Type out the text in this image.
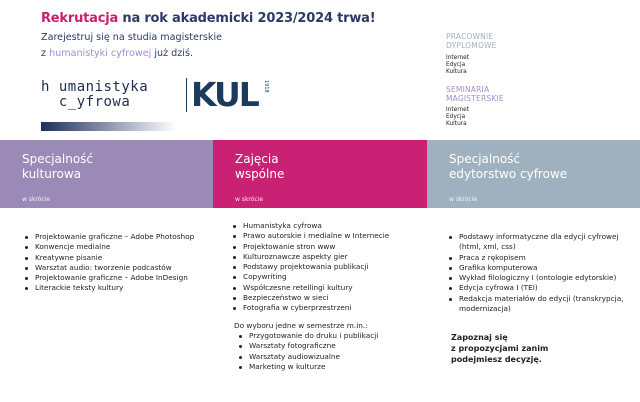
Rekrutacja na rok akademicki 2023/2024 trwa!
Zarejestruj się na studia magisterskie
z humanistyki cyfrowej już dziś.
h umanistyka
c_yfrowa	KUL	1918
PRACOWNIE
DYPLOMOWE
Internet
Edycja
Kultura
SEMINARIA
MAGISTERSKIE
Internet
Edycja
Kultura
Specjalność
kulturowa
w skrócie
Zajęcia
wspólne
w skrócie
Specjalność
edytorstwo cyfrowe
w skrócie
Projektowanie graficzne – Adobe Photoshop
Konwencje medialne
Kreatywne pisanie
Warsztat audio: tworzenie podcastów
Projektowanie graficzne – Adobe InDesign
Literackie teksty kultury
Humanistyka cyfrowa
Prawo autorskie i medialne w Internecie
Projektowanie stron www
Kulturoznawcze aspekty gier
Podstawy projektowania publikacji
Copywriting
Współczesne retellingi kultury
Bezpieczeństwo w sieci
Fotografia w cyberprzestrzeni
Do wyboru jedne w semestrze m.in.:
Przygotowanie do druku i publikacji
Warsztaty fotograficzne
Warsztaty audiowizualne
Marketing w kulturze
Podstawy informatyczne dla edycji cyfrowej (html, xml, css)
Praca z rękopisem
Grafika komputerowa
Wykład filologiczny I (ontologie edytorskie)
Edycja cyfrowa I (TEI)
Redakcja materiałów do edycji (transkrypcja, modernizacja)
Zapoznaj się
z propozycjami zanim
podejmiesz decyzję.
